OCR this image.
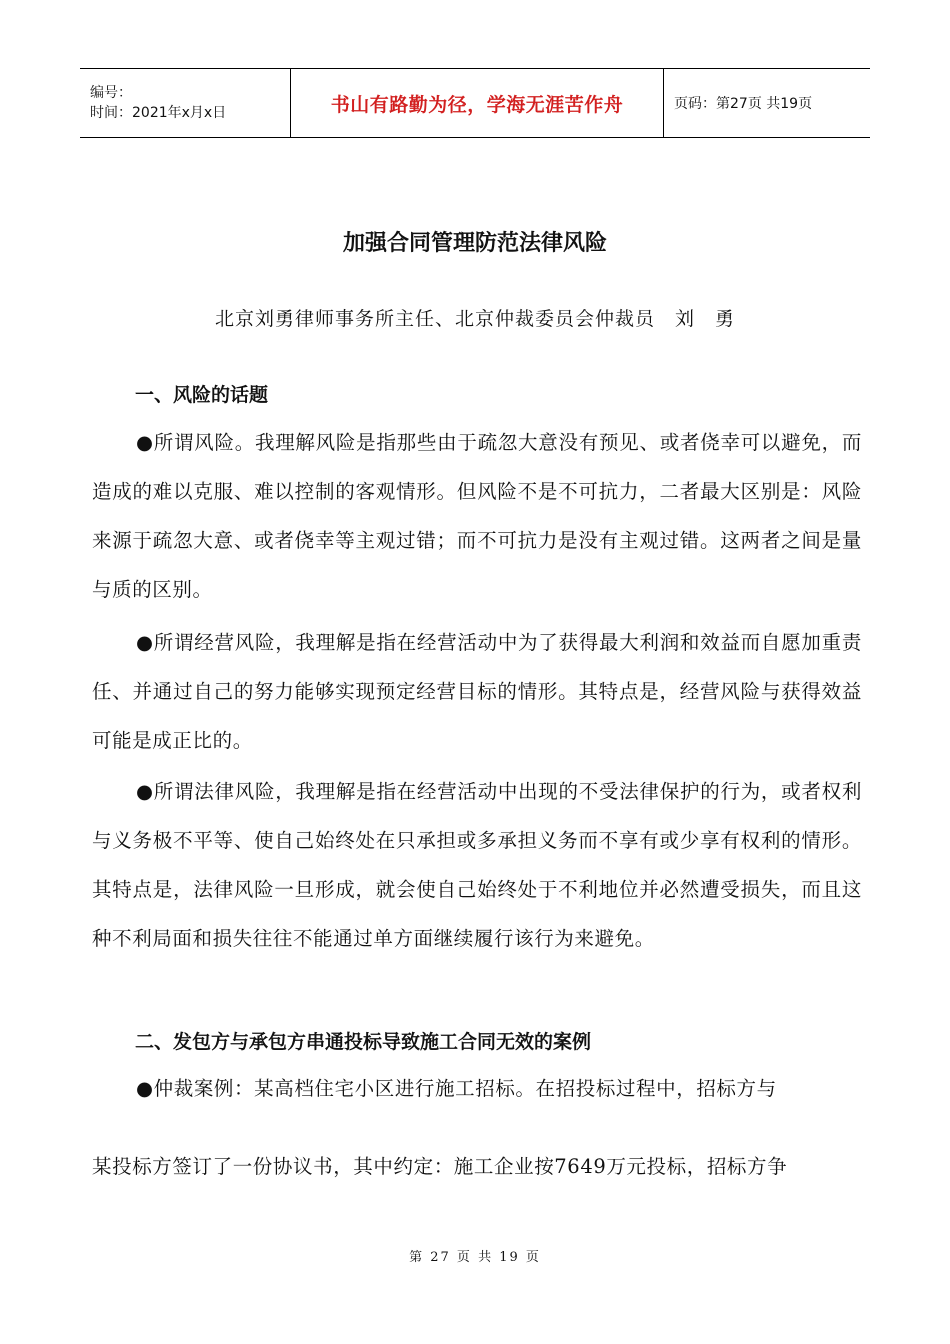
编号：
时间：2021年x月x日	书山有路勤为径，学海无涯苦作舟	页码：第27页 共19页
加强合同管理防范法律风险
北京刘勇律师事务所主任、北京仲裁委员会仲裁员　刘　勇
一、风险的话题

●所谓风险。我理解风险是指那些由于疏忽大意没有预见、或者侥幸可以避免，而造成的难以克服、难以控制的客观情形。但风险不是不可抗力，二者最大区别是：风险来源于疏忽大意、或者侥幸等主观过错；而不可抗力是没有主观过错。这两者之间是量与质的区别。

●所谓经营风险，我理解是指在经营活动中为了获得最大利润和效益而自愿加重责任、并通过自己的努力能够实现预定经营目标的情形。其特点是，经营风险与获得效益可能是成正比的。

●所谓法律风险，我理解是指在经营活动中出现的不受法律保护的行为，或者权利与义务极不平等、使自己始终处在只承担或多承担义务而不享有或少享有权利的情形。其特点是，法律风险一旦形成，就会使自己始终处于不利地位并必然遭受损失，而且这种不利局面和损失往往不能通过单方面继续履行该行为来避免。

二、发包方与承包方串通投标导致施工合同无效的案例

●仲裁案例：某高档住宅小区进行施工招标。在招投标过程中，招标方与

某投标方签订了一份协议书，其中约定：施工企业按7649万元投标，招标方争

第 27 页 共 19 页
